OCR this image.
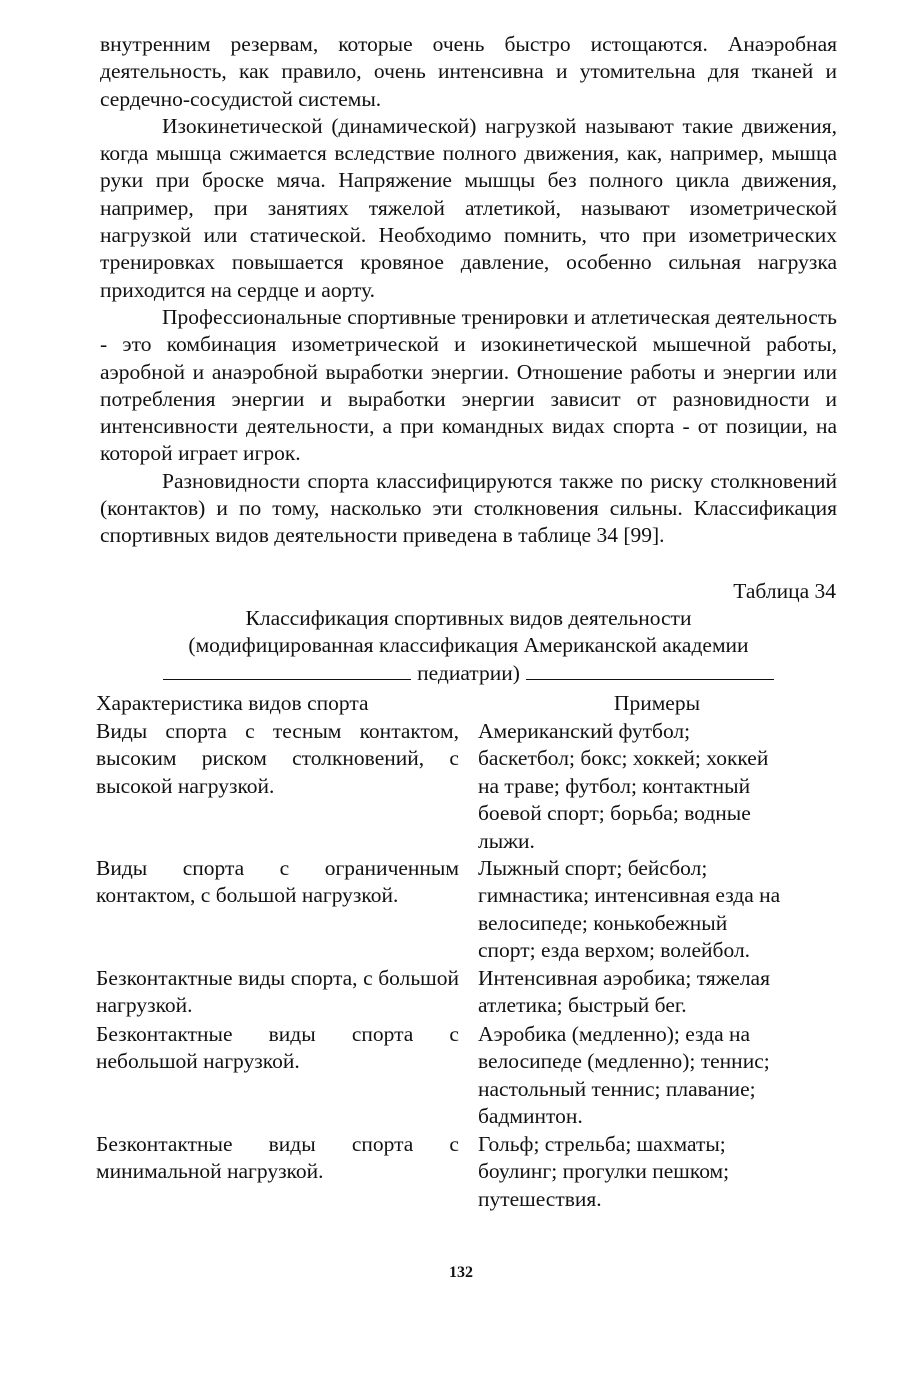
внутренним резервам, которые очень быстро истощаются. Анаэробная деятельность, как правило, очень интенсивна и утомительна для тканей и сердечно-сосудистой системы.

Изокинетической (динамической) нагрузкой называют такие движения, когда мышца сжимается вследствие полного движения, как, например, мышца руки при броске мяча. Напряжение мышцы без полного цикла движения, например, при занятиях тяжелой атлетикой, называют изометрической нагрузкой или статической. Необходимо помнить, что при изометрических тренировках повышается кровяное давление, особенно сильная нагрузка приходится на сердце и аорту.

Профессиональные спортивные тренировки и атлетическая деятельность - это комбинация изометрической и изокинетической мышечной работы, аэробной и анаэробной выработки энергии. Отношение работы и энергии или потребления энергии и выработки энергии зависит от разновидности и интенсивности деятельности, а при командных видах спорта - от позиции, на которой играет игрок.

Разновидности спорта классифицируются также по риску столкновений (контактов) и по тому, насколько эти столкновения сильны. Классификация спортивных видов деятельности приведена в таблице 34 [99].

Таблица 34
Классификация спортивных видов деятельности
(модифицированная классификация Американской академии
педиатрии)
Характеристика видов спорта	Примеры
Виды спорта с тесным контактом, высоким риском столкновений, с высокой нагрузкой.
Американский футбол;
баскетбол; бокс; хоккей; хоккей
на траве; футбол; контактный
боевой спорт; борьба; водные
лыжи.
Виды спорта с ограниченным контактом, с большой нагрузкой.
Лыжный спорт; бейсбол;
гимнастика; интенсивная езда на
велосипеде; конькобежный
спорт; езда верхом; волейбол.
Безконтактные виды спорта, с большой нагрузкой.
Интенсивная аэробика; тяжелая
атлетика; быстрый бег.
Безконтактные виды спорта с небольшой нагрузкой.
Аэробика (медленно); езда на
велосипеде (медленно); теннис;
настольный теннис; плавание;
бадминтон.
Безконтактные виды спорта с минимальной нагрузкой.
Гольф; стрельба; шахматы;
боулинг; прогулки пешком;
путешествия.
132
